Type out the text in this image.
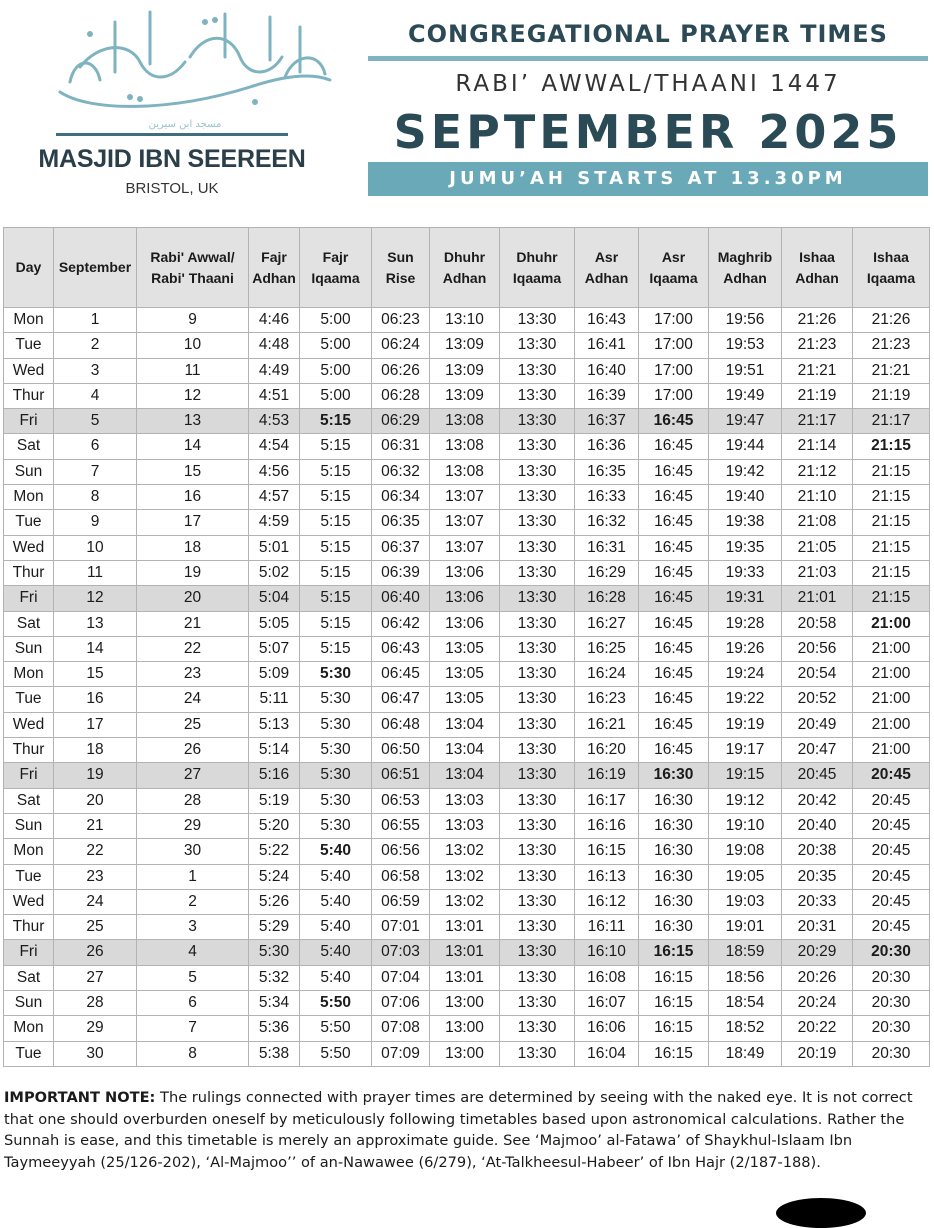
مسجد ابن سيرين
MASJID IBN SEEREEN
BRISTOL, UK
CONGREGATIONAL PRAYER TIMES
RABI’ AWWAL/THAANI 1447
SEPTEMBER 2025
JUMU’AH STARTS AT 13.30PM
Day	September	Rabi' Awwal/ Rabi' Thaani	Fajr Adhan	Fajr Iqaama	Sun Rise	Dhuhr Adhan	Dhuhr Iqaama	Asr Adhan	Asr Iqaama	Maghrib Adhan	Ishaa Adhan	Ishaa Iqaama
Mon	1	9	4:46	5:00	06:23	13:10	13:30	16:43	17:00	19:56	21:26	21:26
Tue	2	10	4:48	5:00	06:24	13:09	13:30	16:41	17:00	19:53	21:23	21:23
Wed	3	11	4:49	5:00	06:26	13:09	13:30	16:40	17:00	19:51	21:21	21:21
Thur	4	12	4:51	5:00	06:28	13:09	13:30	16:39	17:00	19:49	21:19	21:19
Fri	5	13	4:53	5:15	06:29	13:08	13:30	16:37	16:45	19:47	21:17	21:17
Sat	6	14	4:54	5:15	06:31	13:08	13:30	16:36	16:45	19:44	21:14	21:15
Sun	7	15	4:56	5:15	06:32	13:08	13:30	16:35	16:45	19:42	21:12	21:15
Mon	8	16	4:57	5:15	06:34	13:07	13:30	16:33	16:45	19:40	21:10	21:15
Tue	9	17	4:59	5:15	06:35	13:07	13:30	16:32	16:45	19:38	21:08	21:15
Wed	10	18	5:01	5:15	06:37	13:07	13:30	16:31	16:45	19:35	21:05	21:15
Thur	11	19	5:02	5:15	06:39	13:06	13:30	16:29	16:45	19:33	21:03	21:15
Fri	12	20	5:04	5:15	06:40	13:06	13:30	16:28	16:45	19:31	21:01	21:15
Sat	13	21	5:05	5:15	06:42	13:06	13:30	16:27	16:45	19:28	20:58	21:00
Sun	14	22	5:07	5:15	06:43	13:05	13:30	16:25	16:45	19:26	20:56	21:00
Mon	15	23	5:09	5:30	06:45	13:05	13:30	16:24	16:45	19:24	20:54	21:00
Tue	16	24	5:11	5:30	06:47	13:05	13:30	16:23	16:45	19:22	20:52	21:00
Wed	17	25	5:13	5:30	06:48	13:04	13:30	16:21	16:45	19:19	20:49	21:00
Thur	18	26	5:14	5:30	06:50	13:04	13:30	16:20	16:45	19:17	20:47	21:00
Fri	19	27	5:16	5:30	06:51	13:04	13:30	16:19	16:30	19:15	20:45	20:45
Sat	20	28	5:19	5:30	06:53	13:03	13:30	16:17	16:30	19:12	20:42	20:45
Sun	21	29	5:20	5:30	06:55	13:03	13:30	16:16	16:30	19:10	20:40	20:45
Mon	22	30	5:22	5:40	06:56	13:02	13:30	16:15	16:30	19:08	20:38	20:45
Tue	23	1	5:24	5:40	06:58	13:02	13:30	16:13	16:30	19:05	20:35	20:45
Wed	24	2	5:26	5:40	06:59	13:02	13:30	16:12	16:30	19:03	20:33	20:45
Thur	25	3	5:29	5:40	07:01	13:01	13:30	16:11	16:30	19:01	20:31	20:45
Fri	26	4	5:30	5:40	07:03	13:01	13:30	16:10	16:15	18:59	20:29	20:30
Sat	27	5	5:32	5:40	07:04	13:01	13:30	16:08	16:15	18:56	20:26	20:30
Sun	28	6	5:34	5:50	07:06	13:00	13:30	16:07	16:15	18:54	20:24	20:30
Mon	29	7	5:36	5:50	07:08	13:00	13:30	16:06	16:15	18:52	20:22	20:30
Tue	30	8	5:38	5:50	07:09	13:00	13:30	16:04	16:15	18:49	20:19	20:30
IMPORTANT NOTE: The rulings connected with prayer times are determined by seeing with the naked eye. It is not correct that one should overburden oneself by meticulously following timetables based upon astronomical calculations. Rather the Sunnah is ease, and this timetable is merely an approximate guide. See ‘Majmoo’ al-Fatawa’ of Shaykhul-Islaam Ibn Taymeeyyah (25/126-202), ‘Al-Majmoo’’ of an-Nawawee (6/279), ‘At-Talkheesul-Habeer’ of Ibn Hajr (2/187-188).
